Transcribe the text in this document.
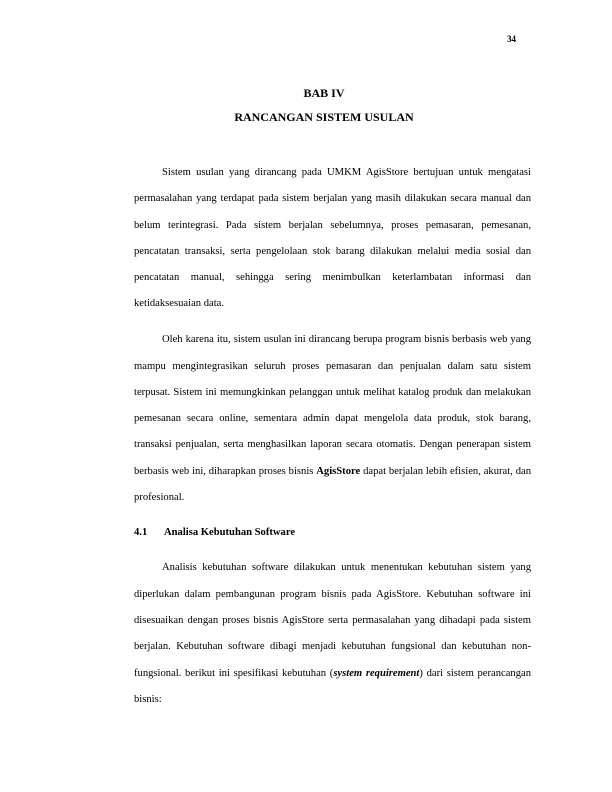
34
BAB IV
RANCANGAN SISTEM USULAN

Sistem usulan yang dirancang pada UMKM AgisStore bertujuan untuk mengatasi permasalahan yang terdapat pada sistem berjalan yang masih dilakukan secara manual dan belum terintegrasi. Pada sistem berjalan sebelumnya, proses pemasaran, pemesanan, pencatatan transaksi, serta pengelolaan stok barang dilakukan melalui media sosial dan pencatatan manual, sehingga sering menimbulkan keterlambatan informasi dan ketidaksesuaian data.

Oleh karena itu, sistem usulan ini dirancang berupa program bisnis berbasis web yang mampu mengintegrasikan seluruh proses pemasaran dan penjualan dalam satu sistem terpusat. Sistem ini memungkinkan pelanggan untuk melihat katalog produk dan melakukan pemesanan secara online, sementara admin dapat mengelola data produk, stok barang, transaksi penjualan, serta menghasilkan laporan secara otomatis. Dengan penerapan sistem berbasis web ini, diharapkan proses bisnis AgisStore dapat berjalan lebih efisien, akurat, dan profesional.

4.1 Analisa Kebutuhan Software

Analisis kebutuhan software dilakukan untuk menentukan kebutuhan sistem yang diperlukan dalam pembangunan program bisnis pada AgisStore. Kebutuhan software ini disesuaikan dengan proses bisnis AgisStore serta permasalahan yang dihadapi pada sistem berjalan. Kebutuhan software dibagi menjadi kebutuhan fungsional dan kebutuhan non-fungsional. berikut ini spesifikasi kebutuhan (system requirement) dari sistem perancangan bisnis:
